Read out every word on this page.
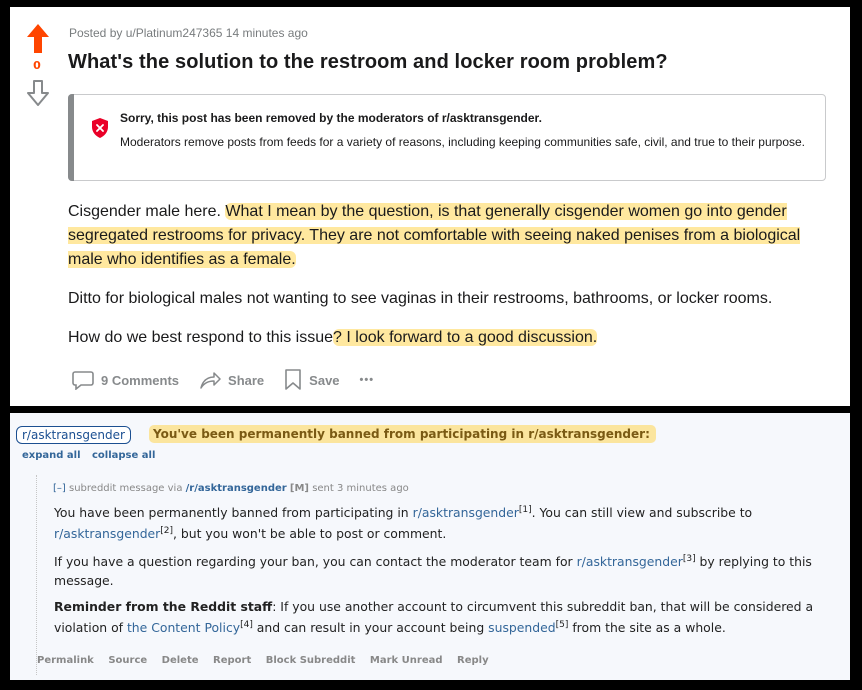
0
Posted by u/Platinum247365 14 minutes ago
What's the solution to the restroom and locker room problem?
Sorry, this post has been removed by the moderators of r/asktransgender.
Moderators remove posts from feeds for a variety of reasons, including keeping communities safe, civil, and true to their purpose.

Cisgender male here. What I mean by the question, is that generally cisgender women go into gender segregated restrooms for privacy. They are not comfortable with seeing naked penises from a biological male who identifies as a female.

Ditto for biological males not wanting to see vaginas in their restrooms, bathrooms, or locker rooms.

How do we best respond to this issue? I look forward to a good discussion.

9 Comments	Share	Save •••
r/asktransgender	You've been permanently banned from participating in r/asktransgender:
expand all collapse all
[–] subreddit message via /r/asktransgender [M] sent 3 minutes ago

You have been permanently banned from participating in r/asktransgender[1]. You can still view and subscribe to r/asktransgender[2], but you won't be able to post or comment.

If you have a question regarding your ban, you can contact the moderator team for r/asktransgender[3] by replying to this message.

Reminder from the Reddit staff: If you use another account to circumvent this subreddit ban, that will be considered a violation of the Content Policy[4] and can result in your account being suspended[5] from the site as a whole.

Permalink Source Delete Report Block Subreddit Mark Unread Reply
